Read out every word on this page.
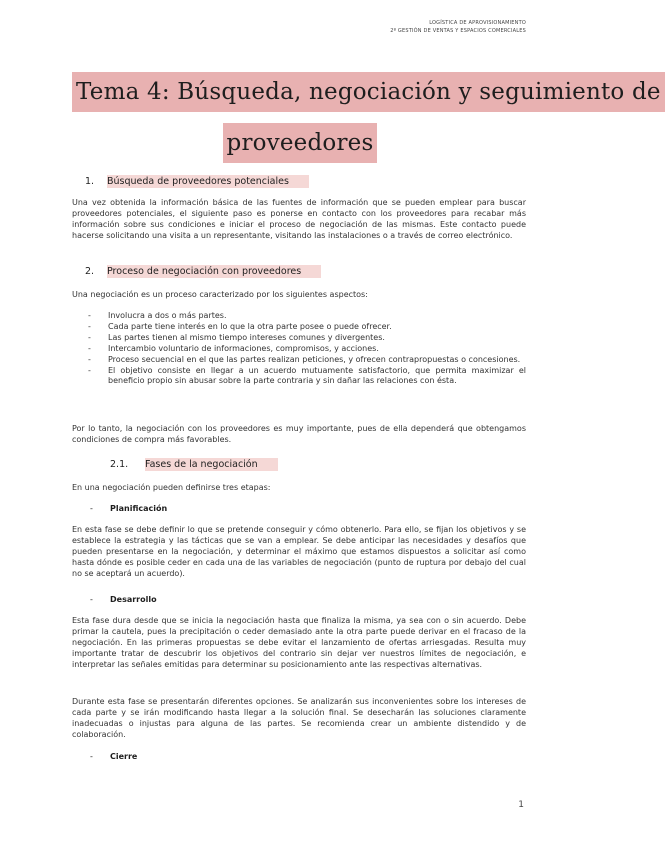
LOGÍSTICA DE APROVISIONAMIENTO
2º GESTIÓN DE VENTAS Y ESPACIOS COMERCIALES
Tema 4: Búsqueda, negociación y seguimiento de
proveedores
1. Búsqueda de proveedores potenciales

Una vez obtenida la información básica de las fuentes de información que se pueden emplear para buscar proveedores potenciales, el siguiente paso es ponerse en contacto con los proveedores para recabar más información sobre sus condiciones e iniciar el proceso de negociación de las mismas. Este contacto puede hacerse solicitando una visita a un representante, visitando las instalaciones o a través de correo electrónico.

2. Proceso de negociación con proveedores

Una negociación es un proceso caracterizado por los siguientes aspectos:

- Involucra a dos o más partes.
- Cada parte tiene interés en lo que la otra parte posee o puede ofrecer.
- Las partes tienen al mismo tiempo intereses comunes y divergentes.
- Intercambio voluntario de informaciones, compromisos, y acciones.
- Proceso secuencial en el que las partes realizan peticiones, y ofrecen contrapropuestas o concesiones.
- El objetivo consiste en llegar a un acuerdo mutuamente satisfactorio, que permita maximizar el beneficio propio sin abusar sobre la parte contraria y sin dañar las relaciones con ésta.

Por lo tanto, la negociación con los proveedores es muy importante, pues de ella dependerá que obtengamos condiciones de compra más favorables.

2.1. Fases de la negociación

En una negociación pueden definirse tres etapas:

- Planificación

En esta fase se debe definir lo que se pretende conseguir y cómo obtenerlo. Para ello, se fijan los objetivos y se establece la estrategia y las tácticas que se van a emplear. Se debe anticipar las necesidades y desafíos que pueden presentarse en la negociación, y determinar el máximo que estamos dispuestos a solicitar así como hasta dónde es posible ceder en cada una de las variables de negociación (punto de ruptura por debajo del cual no se aceptará un acuerdo).

- Desarrollo

Esta fase dura desde que se inicia la negociación hasta que finaliza la misma, ya sea con o sin acuerdo. Debe primar la cautela, pues la precipitación o ceder demasiado ante la otra parte puede derivar en el fracaso de la negociación. En las primeras propuestas se debe evitar el lanzamiento de ofertas arriesgadas. Resulta muy importante tratar de descubrir los objetivos del contrario sin dejar ver nuestros límites de negociación, e interpretar las señales emitidas para determinar su posicionamiento ante las respectivas alternativas.

Durante esta fase se presentarán diferentes opciones. Se analizarán sus inconvenientes sobre los intereses de cada parte y se irán modificando hasta llegar a la solución final. Se desecharán las soluciones claramente inadecuadas o injustas para alguna de las partes. Se recomienda crear un ambiente distendido y de colaboración.

- Cierre
1
